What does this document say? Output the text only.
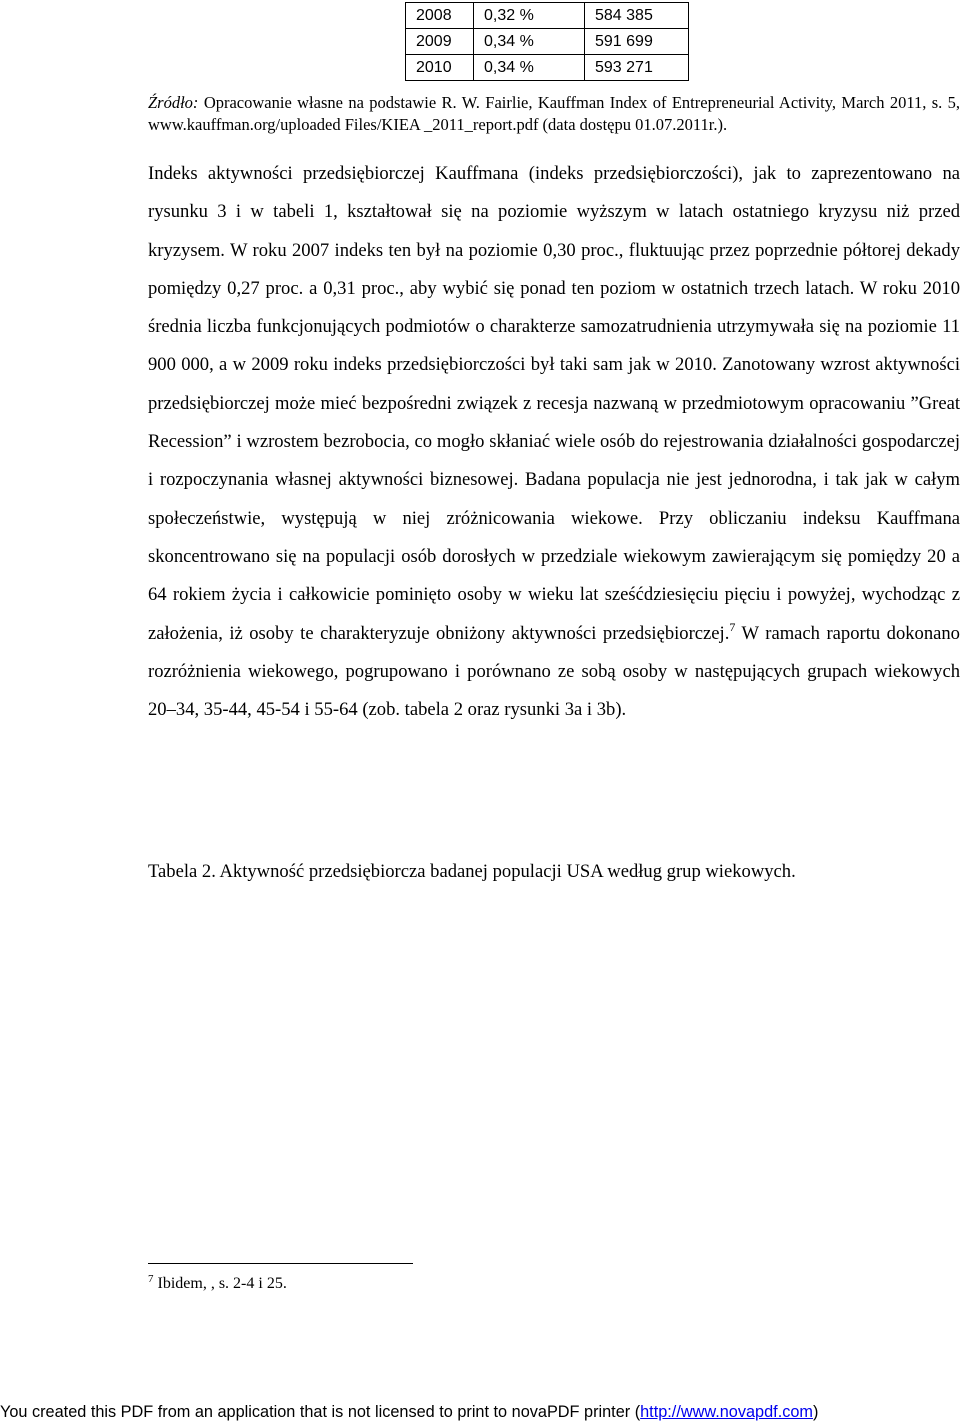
2008	0,32 %	584 385
2009	0,34 %	591 699
2010	0,34 %	593 271
Źródło: Opracowanie własne na podstawie R. W. Fairlie, Kauffman Index of Entrepreneurial Activity, March 2011, s. 5, www.kauffman.org/uploaded Files/KIEA _2011_report.pdf (data dostępu 01.07.2011r.).

Indeks aktywności przedsiębiorczej Kauffmana (indeks przedsiębiorczości), jak to zaprezentowano na rysunku 3 i w tabeli 1, kształtował się na poziomie wyższym w latach ostatniego kryzysu niż przed kryzysem. W roku 2007 indeks ten był na poziomie 0,30 proc., fluktuując przez poprzednie półtorej dekady pomiędzy 0,27 proc. a 0,31 proc., aby wybić się ponad ten poziom w ostatnich trzech latach. W roku 2010 średnia liczba funkcjonujących podmiotów o charakterze samozatrudnienia utrzymywała się na poziomie 11 900 000, a w 2009 roku indeks przedsiębiorczości był taki sam jak w 2010. Zanotowany wzrost aktywności przedsiębiorczej może mieć bezpośredni związek z recesja nazwaną w przedmiotowym opracowaniu ”Great Recession” i wzrostem bezrobocia, co mogło skłaniać wiele osób do rejestrowania działalności gospodarczej i rozpoczynania własnej aktywności biznesowej. Badana populacja nie jest jednorodna, i tak jak w całym społeczeństwie, występują w niej zróżnicowania wiekowe. Przy obliczaniu indeksu Kauffmana skoncentrowano się na populacji osób dorosłych w przedziale wiekowym zawierającym się pomiędzy 20 a 64 rokiem życia i całkowicie pominięto osoby w wieku lat sześćdziesięciu pięciu i powyżej, wychodząc z założenia, iż osoby te charakteryzuje obniżony aktywności przedsiębiorczej.$^7$ W ramach raportu dokonano rozróżnienia wiekowego, pogrupowano i porównano ze sobą osoby w następujących grupach wiekowych 20–34, 35-44, 45-54 i 55-64 (zob. tabela 2 oraz rysunki 3a i 3b).

Tabela 2. Aktywność przedsiębiorcza badanej populacji USA według grup wiekowych.

$^7$ Ibidem, , s. 2-4 i 25.
You created this PDF from an application that is not licensed to print to novaPDF printer (http://www.novapdf.com)
